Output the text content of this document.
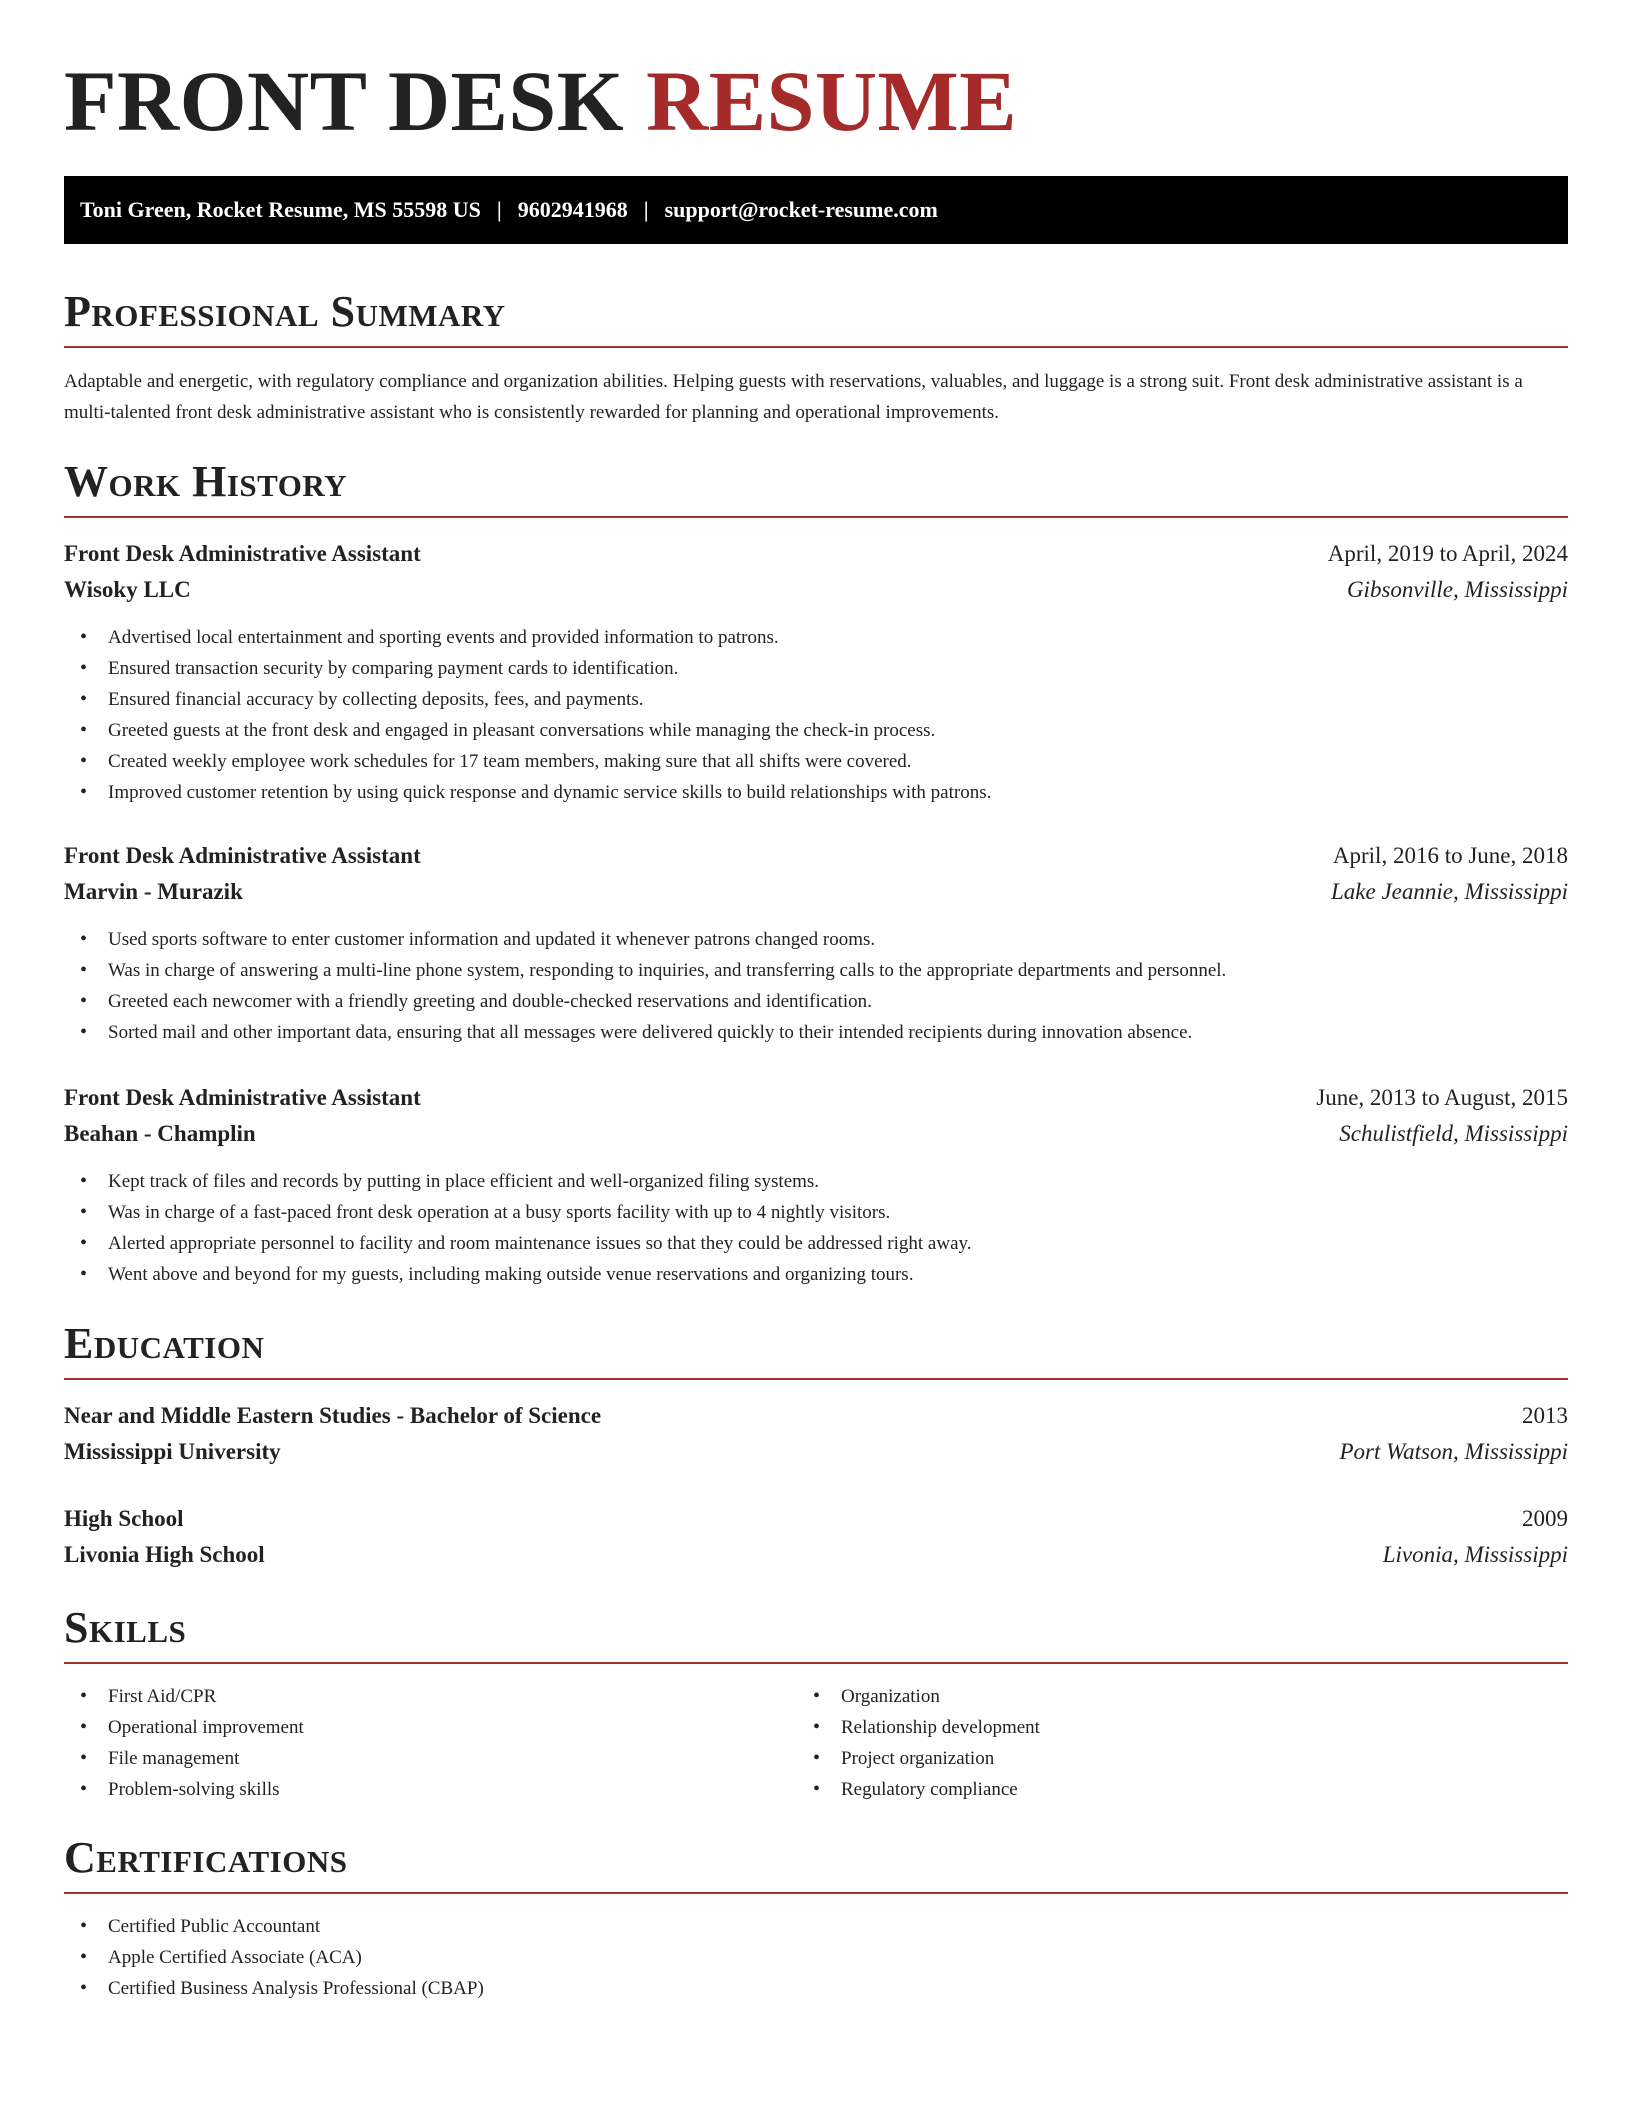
FRONT DESK RESUME
Toni Green, Rocket Resume, MS 55598 US | 9602941968 | support@rocket-resume.com
Professional Summary

Adaptable and energetic, with regulatory compliance and organization abilities. Helping guests with reservations, valuables, and luggage is a strong suit. Front desk administrative assistant is a multi-talented front desk administrative assistant who is consistently rewarded for planning and operational improvements.

Work History
Front Desk Administrative Assistant	April, 2019 to April, 2024
Wisoky LLC	Gibsonville, Mississippi
• Advertised local entertainment and sporting events and provided information to patrons.
• Ensured transaction security by comparing payment cards to identification.
• Ensured financial accuracy by collecting deposits, fees, and payments.
• Greeted guests at the front desk and engaged in pleasant conversations while managing the check-in process.
• Created weekly employee work schedules for 17 team members, making sure that all shifts were covered.
• Improved customer retention by using quick response and dynamic service skills to build relationships with patrons.
Front Desk Administrative Assistant	April, 2016 to June, 2018
Marvin - Murazik	Lake Jeannie, Mississippi
• Used sports software to enter customer information and updated it whenever patrons changed rooms.
• Was in charge of answering a multi-line phone system, responding to inquiries, and transferring calls to the appropriate departments and personnel.
• Greeted each newcomer with a friendly greeting and double-checked reservations and identification.
• Sorted mail and other important data, ensuring that all messages were delivered quickly to their intended recipients during innovation absence.
Front Desk Administrative Assistant	June, 2013 to August, 2015
Beahan - Champlin	Schulistfield, Mississippi
• Kept track of files and records by putting in place efficient and well-organized filing systems.
• Was in charge of a fast-paced front desk operation at a busy sports facility with up to 4 nightly visitors.
• Alerted appropriate personnel to facility and room maintenance issues so that they could be addressed right away.
• Went above and beyond for my guests, including making outside venue reservations and organizing tours.
Education
Near and Middle Eastern Studies - Bachelor of Science	2013
Mississippi University	Port Watson, Mississippi
High School	2009
Livonia High School	Livonia, Mississippi
Skills
• First Aid/CPR
• Operational improvement
• File management
• Problem-solving skills
• Organization
• Relationship development
• Project organization
• Regulatory compliance
Certifications
• Certified Public Accountant
• Apple Certified Associate (ACA)
• Certified Business Analysis Professional (CBAP)
